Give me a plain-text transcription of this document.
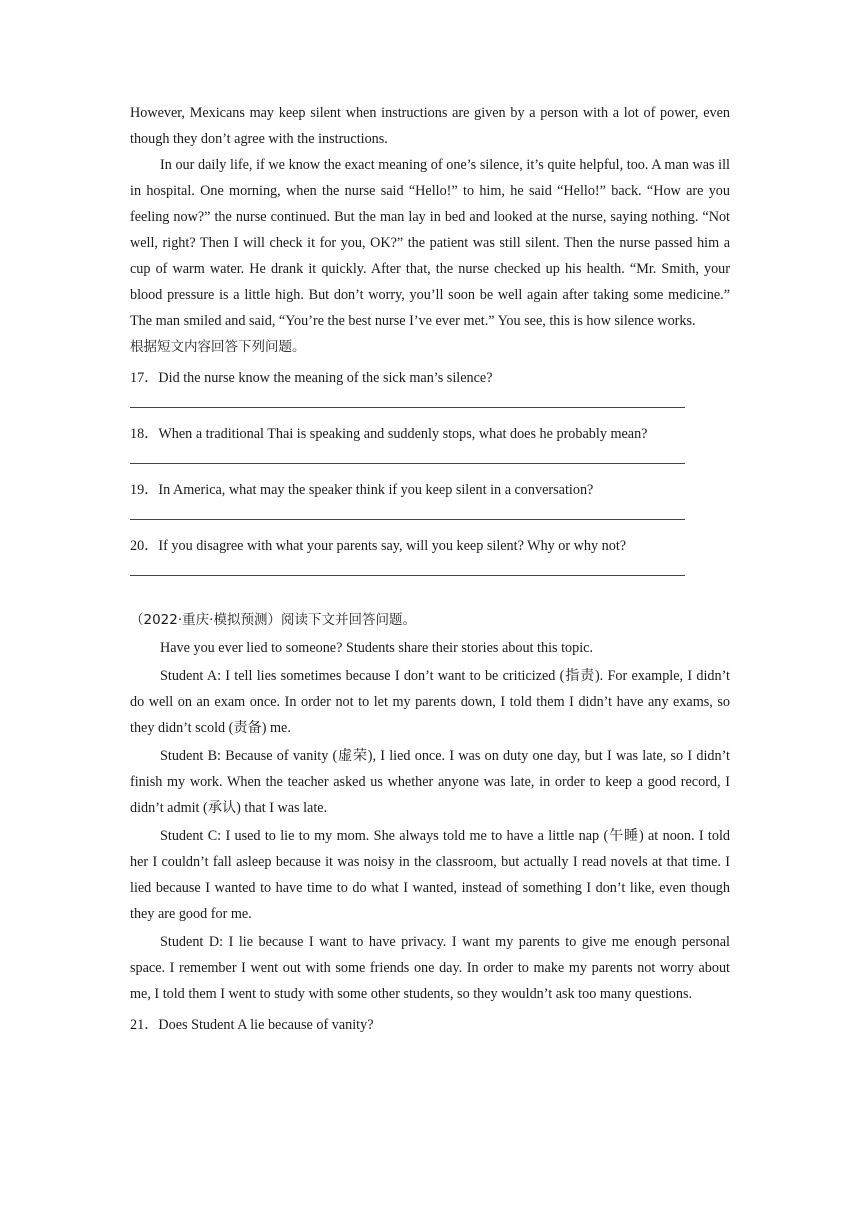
However, Mexicans may keep silent when instructions are given by a person with a lot of power, even though they don’t agree with the instructions.

In our daily life, if we know the exact meaning of one’s silence, it’s quite helpful, too. A man was ill in hospital. One morning, when the nurse said “Hello!” to him, he said “Hello!” back. “How are you feeling now?” the nurse continued. But the man lay in bed and looked at the nurse, saying nothing. “Not well, right? Then I will check it for you, OK?” the patient was still silent. Then the nurse passed him a cup of warm water. He drank it quickly. After that, the nurse checked up his health. “Mr. Smith, your blood pressure is a little high. But don’t worry, you’ll soon be well again after taking some medicine.” The man smiled and said, “You’re the best nurse I’ve ever met.” You see, this is how silence works.

根据短文内容回答下列问题。

17．Did the nurse know the meaning of the sick man’s silence?
18．When a traditional Thai is speaking and suddenly stops, what does he probably mean?
19．In America, what may the speaker think if you keep silent in a conversation?
20．If you disagree with what your parents say, will you keep silent? Why or why not?

（2022·重庆·模拟预测）阅读下文并回答问题。

Have you ever lied to someone? Students share their stories about this topic.

Student A: I tell lies sometimes because I don’t want to be criticized (指责). For example, I didn’t do well on an exam once. In order not to let my parents down, I told them I didn’t have any exams, so they didn’t scold (责备) me.

Student B: Because of vanity (虚荣), I lied once. I was on duty one day, but I was late, so I didn’t finish my work. When the teacher asked us whether anyone was late, in order to keep a good record, I didn’t admit (承认) that I was late.

Student C: I used to lie to my mom. She always told me to have a little nap (午睡) at noon. I told her I couldn’t fall asleep because it was noisy in the classroom, but actually I read novels at that time. I lied because I wanted to have time to do what I wanted, instead of something I don’t like, even though they are good for me.

Student D: I lie because I want to have privacy. I want my parents to give me enough personal space. I remember I went out with some friends one day. In order to make my parents not worry about me, I told them I went to study with some other students, so they wouldn’t ask too many questions.

21．Does Student A lie because of vanity?
